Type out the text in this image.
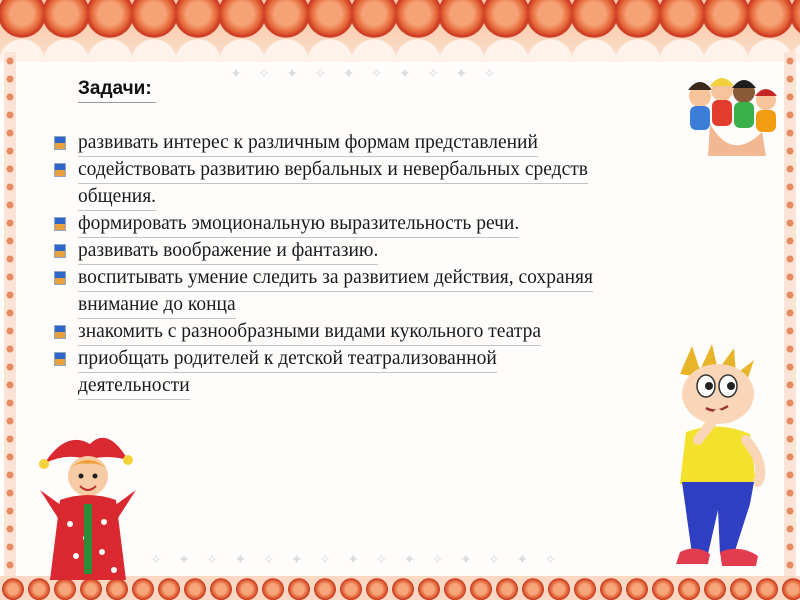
✦ ✧ ✦ ✧ ✦ ✧ ✦ ✧ ✦ ✧
✧ ✦ ✧ ✦ ✧ ✦ ✧ ✦ ✧ ✦ ✧ ✦ ✧ ✦ ✧
Задачи:
развивать интерес к различным формам представлений
содействовать развитию вербальных и невербальных средств
общения.
формировать эмоциональную выразительность речи.
развивать воображение и фантазию.
воспитывать умение следить за развитием действия, сохраняя
внимание до конца
знакомить с разнообразными видами кукольного театра
приобщать родителей к детской театрализованной
деятельности
